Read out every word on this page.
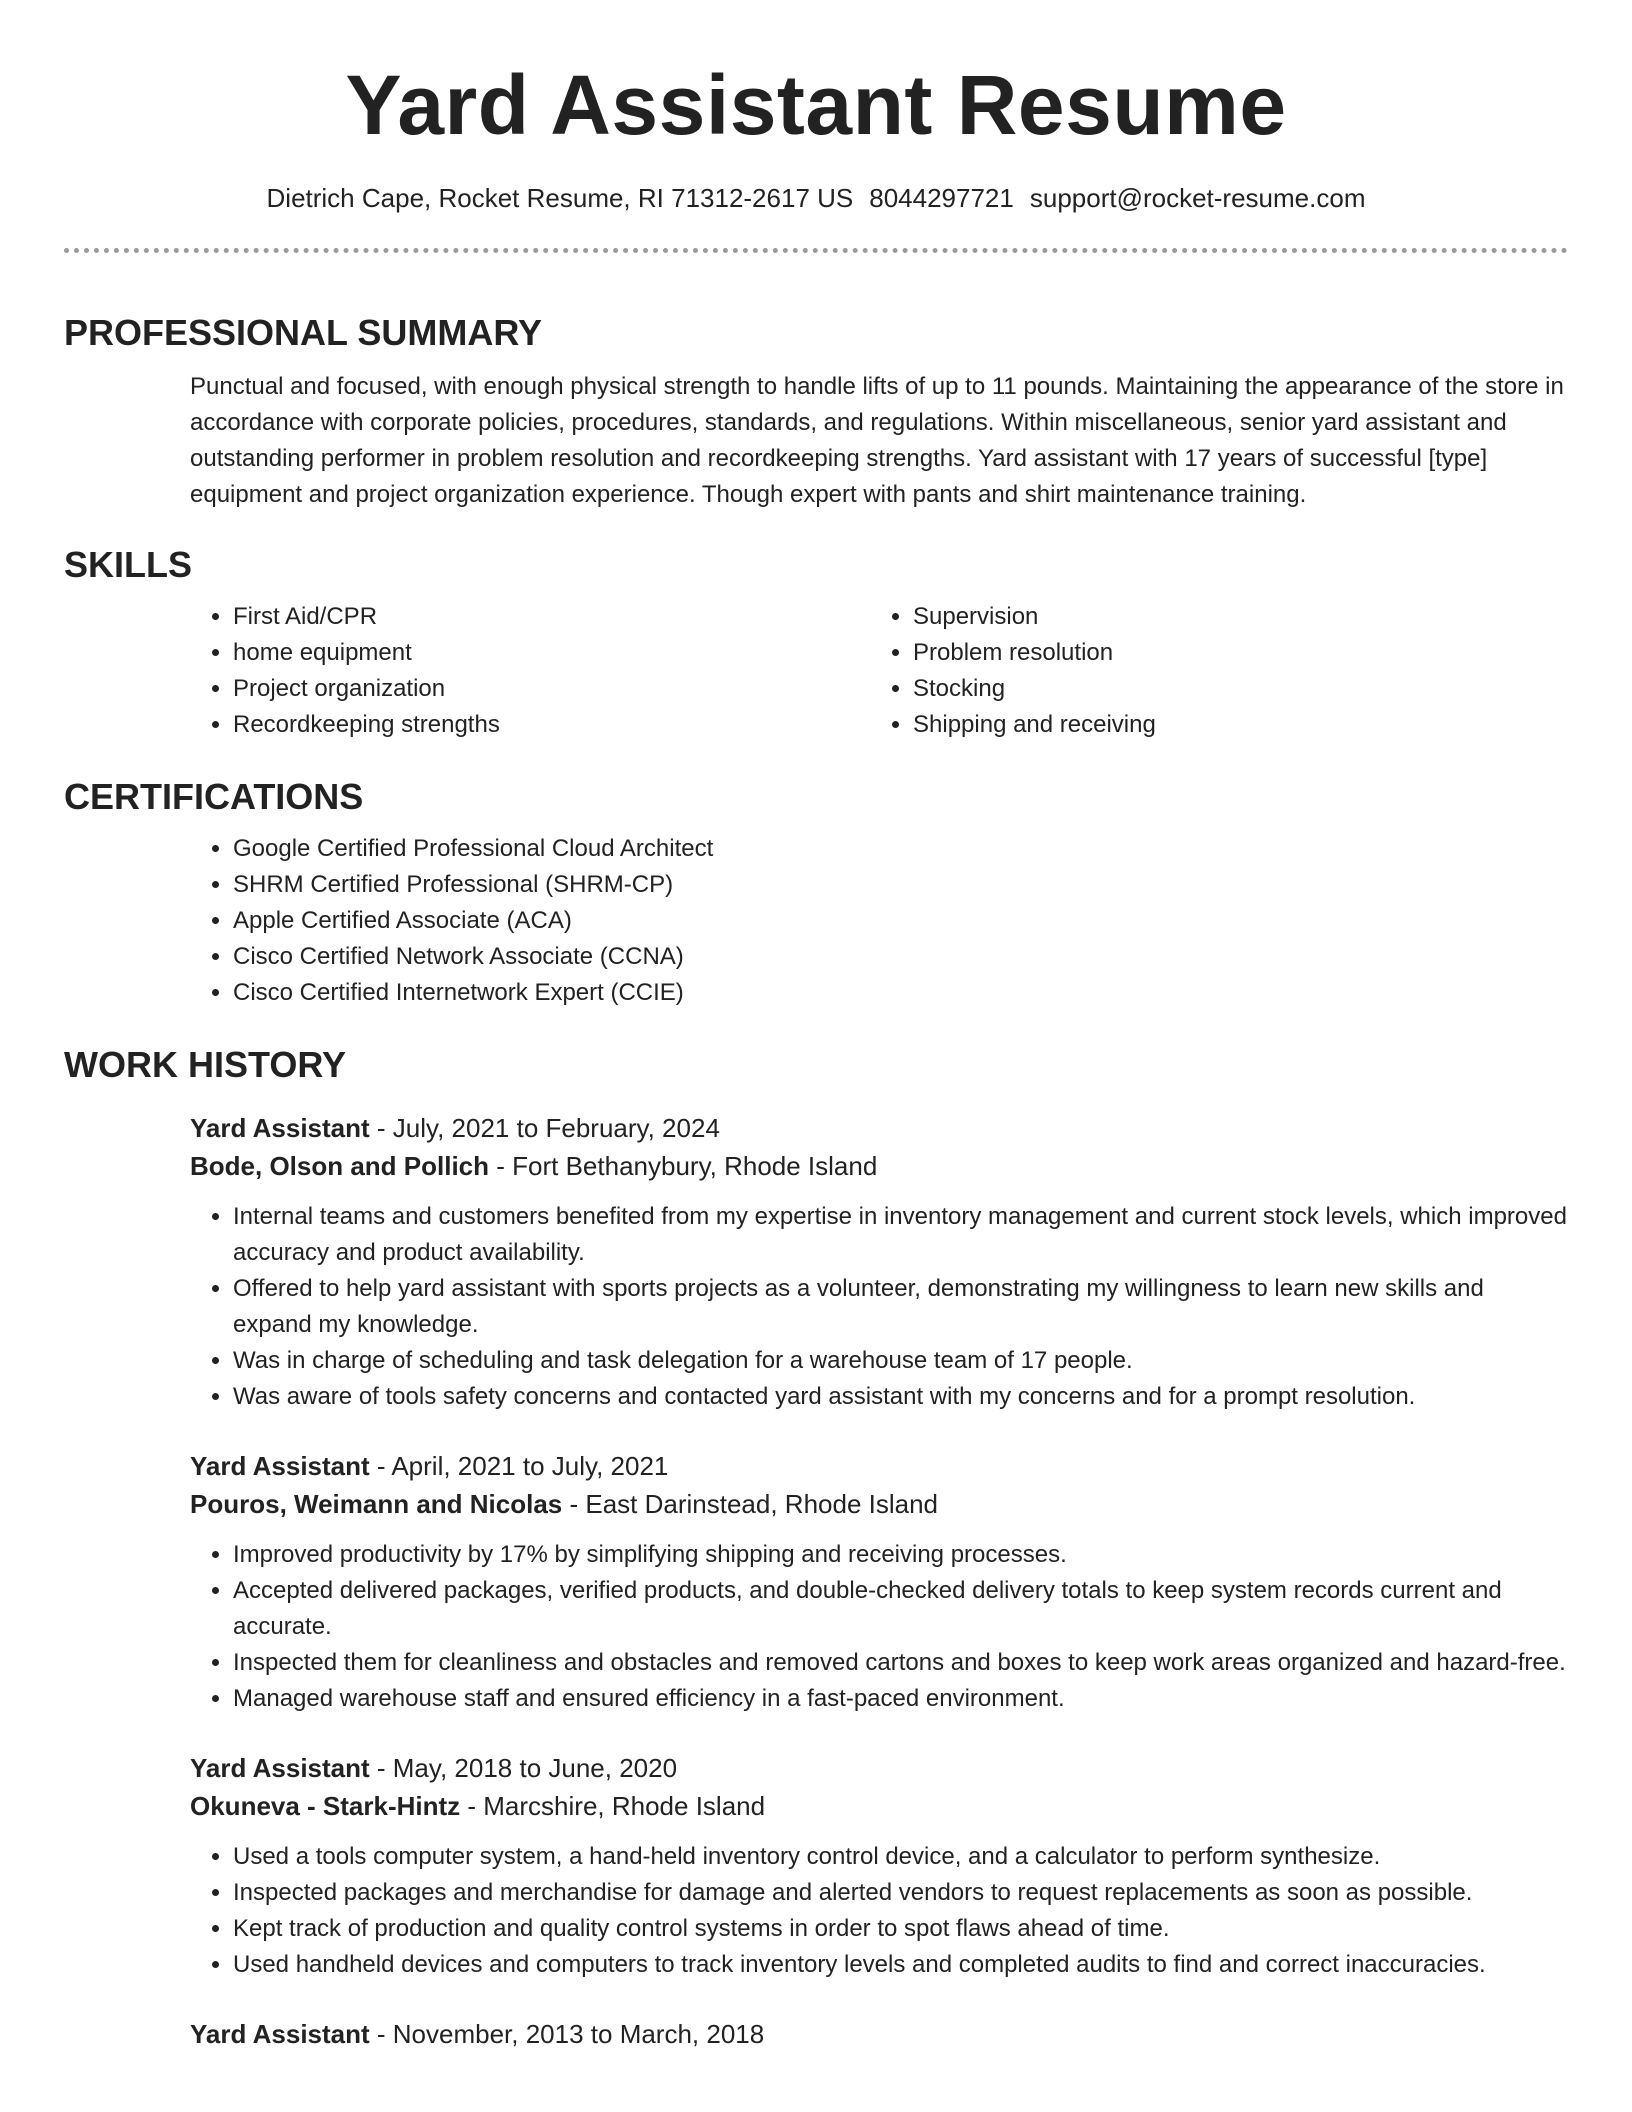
Yard Assistant Resume
Dietrich Cape, Rocket Resume, RI 71312-2617 US 8044297721 support@rocket-resume.com
PROFESSIONAL SUMMARY

Punctual and focused, with enough physical strength to handle lifts of up to 11 pounds. Maintaining the appearance of the store in accordance with corporate policies, procedures, standards, and regulations. Within miscellaneous, senior yard assistant and outstanding performer in problem resolution and recordkeeping strengths. Yard assistant with 17 years of successful [type] equipment and project organization experience. Though expert with pants and shirt maintenance training.

SKILLS
• First Aid/CPR
• home equipment
• Project organization
• Recordkeeping strengths
• Supervision
• Problem resolution
• Stocking
• Shipping and receiving
CERTIFICATIONS
• Google Certified Professional Cloud Architect
• SHRM Certified Professional (SHRM-CP)
• Apple Certified Associate (ACA)
• Cisco Certified Network Associate (CCNA)
• Cisco Certified Internetwork Expert (CCIE)
WORK HISTORY
Yard Assistant - July, 2021 to February, 2024
Bode, Olson and Pollich - Fort Bethanybury, Rhode Island
• Internal teams and customers benefited from my expertise in inventory management and current stock levels, which improved accuracy and product availability.
• Offered to help yard assistant with sports projects as a volunteer, demonstrating my willingness to learn new skills and expand my knowledge.
• Was in charge of scheduling and task delegation for a warehouse team of 17 people.
• Was aware of tools safety concerns and contacted yard assistant with my concerns and for a prompt resolution.
Yard Assistant - April, 2021 to July, 2021
Pouros, Weimann and Nicolas - East Darinstead, Rhode Island
• Improved productivity by 17% by simplifying shipping and receiving processes.
• Accepted delivered packages, verified products, and double-checked delivery totals to keep system records current and accurate.
• Inspected them for cleanliness and obstacles and removed cartons and boxes to keep work areas organized and hazard-free.
• Managed warehouse staff and ensured efficiency in a fast-paced environment.
Yard Assistant - May, 2018 to June, 2020
Okuneva - Stark-Hintz - Marcshire, Rhode Island
• Used a tools computer system, a hand-held inventory control device, and a calculator to perform synthesize.
• Inspected packages and merchandise for damage and alerted vendors to request replacements as soon as possible.
• Kept track of production and quality control systems in order to spot flaws ahead of time.
• Used handheld devices and computers to track inventory levels and completed audits to find and correct inaccuracies.
Yard Assistant - November, 2013 to March, 2018
